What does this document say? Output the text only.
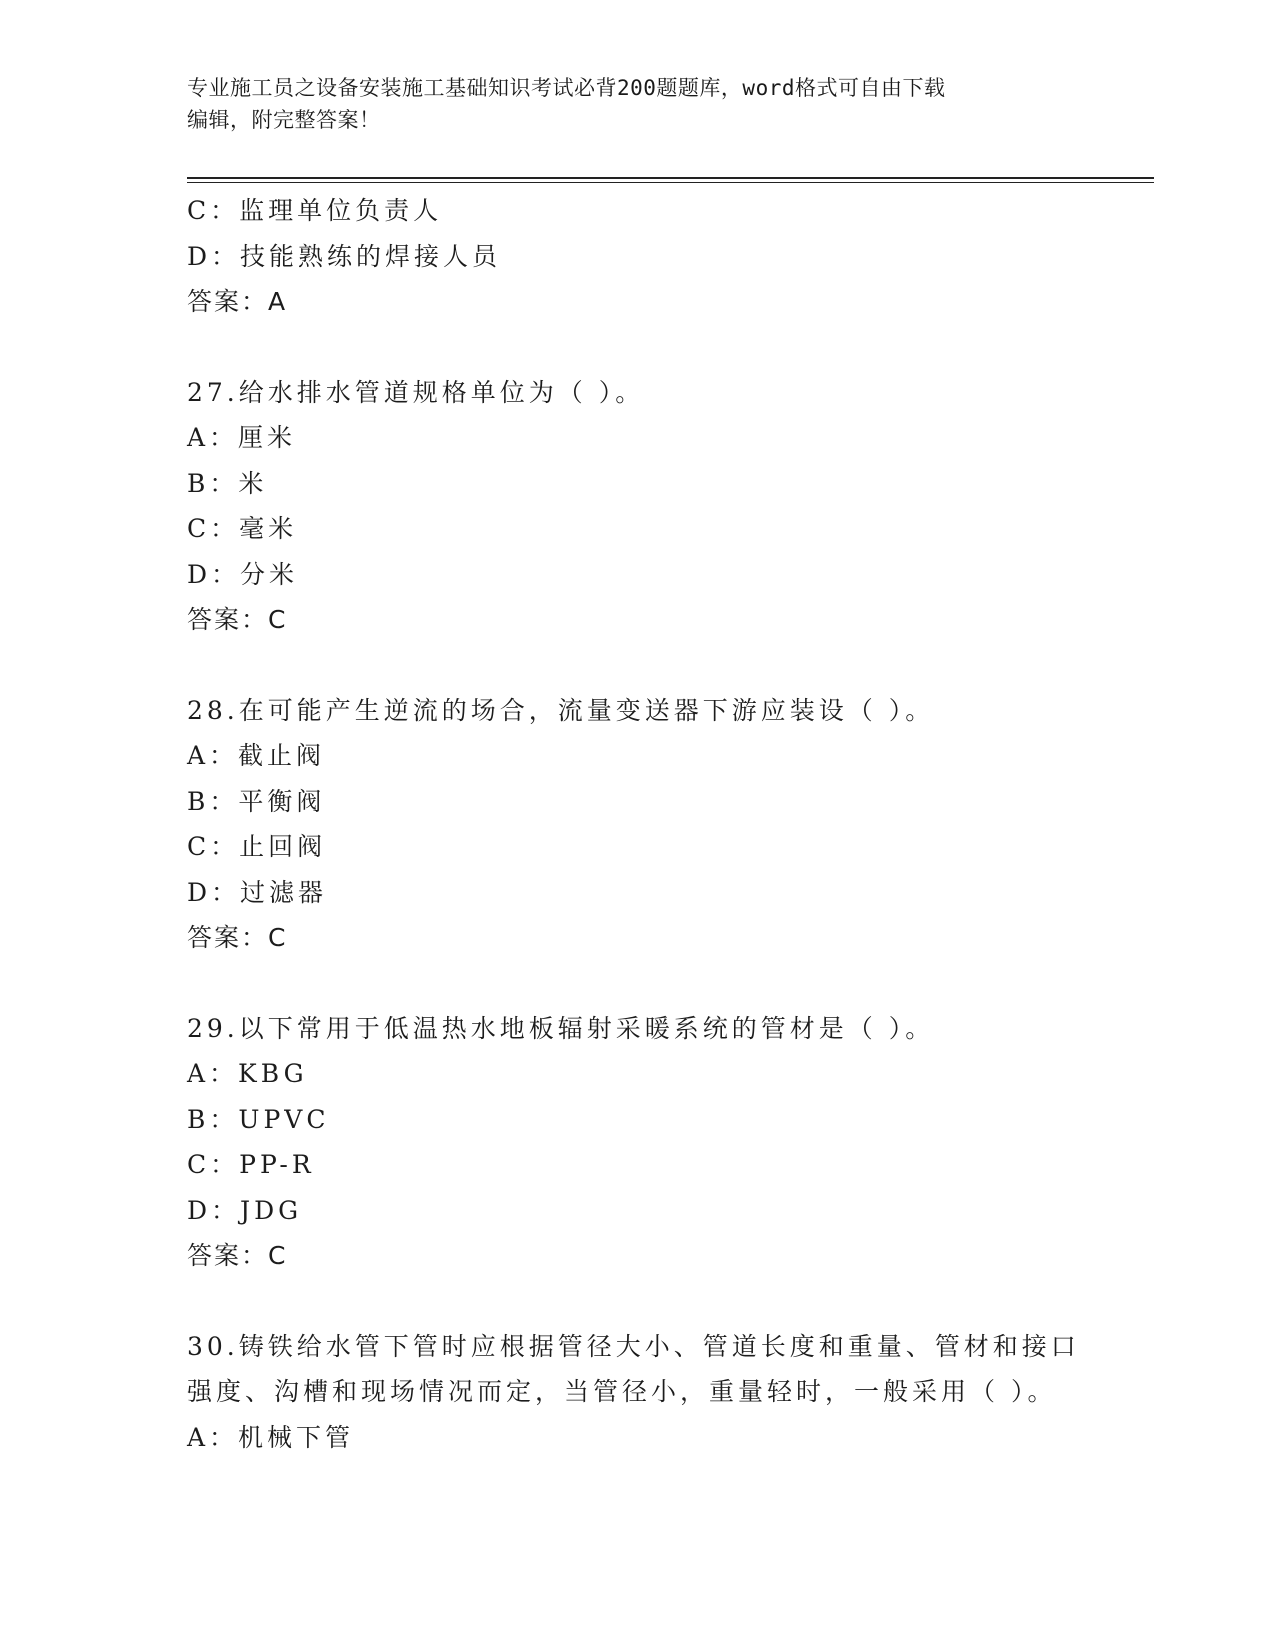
专业施工员之设备安装施工基础知识考试必背200题题库，word格式可自由下载
编辑，附完整答案！
C：监理单位负责人
D：技能熟练的焊接人员
答案：A
27.给水排水管道规格单位为（ ）。
A：厘米
B：米
C：毫米
D：分米
答案：C
28.在可能产生逆流的场合，流量变送器下游应装设（ ）。
A：截止阀
B：平衡阀
C：止回阀
D：过滤器
答案：C
29.以下常用于低温热水地板辐射采暖系统的管材是（ ）。
A：KBG
B：UPVC
C：PP-R
D：JDG
答案：C
30.铸铁给水管下管时应根据管径大小、管道长度和重量、管材和接口
强度、沟槽和现场情况而定，当管径小，重量轻时，一般采用（ ）。
A：机械下管
